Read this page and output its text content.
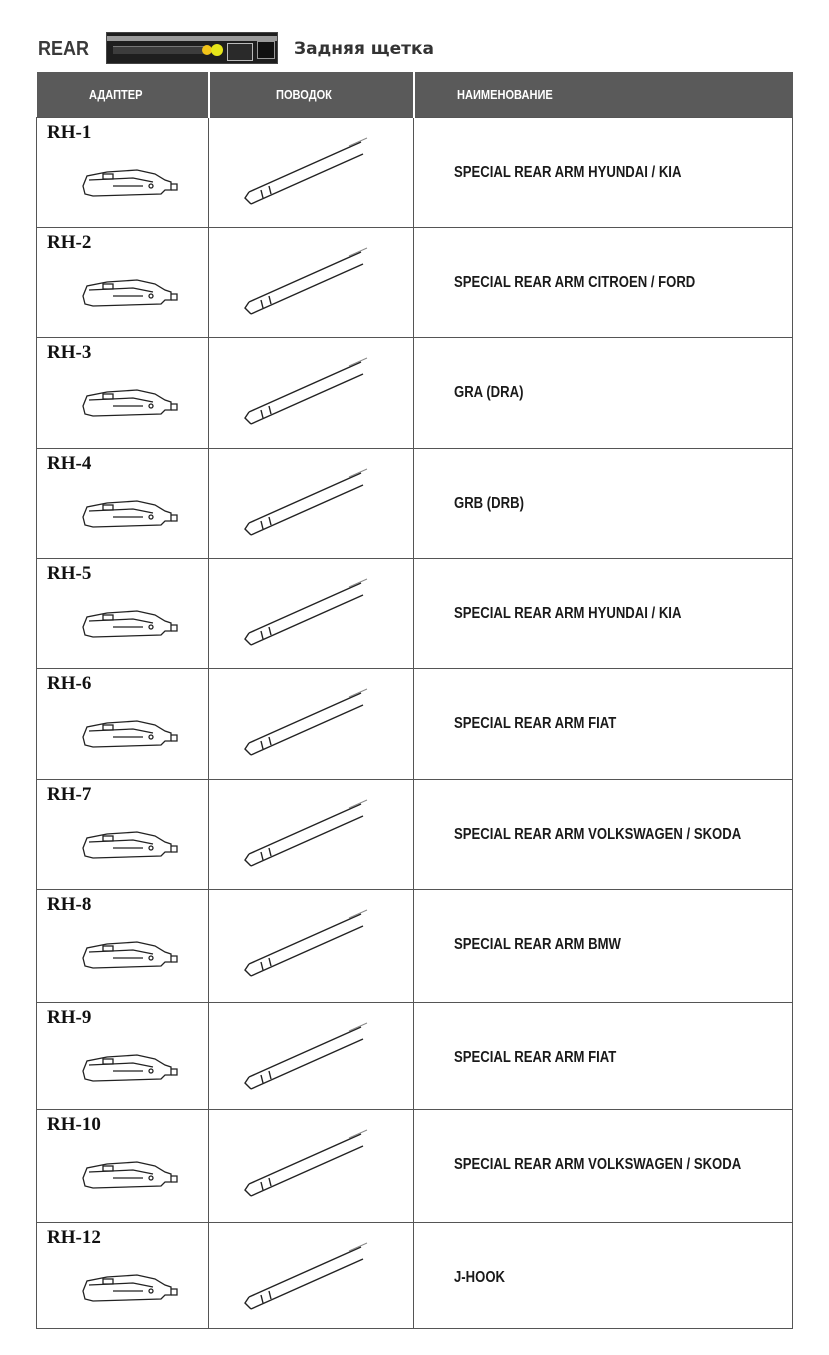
REAR	Задняя щетка
АДАПТЕР	ПОВОДОК	НАИМЕНОВАНИЕ

RH-1		SPECIAL REAR ARM HYUNDAI / KIA

RH-2		SPECIAL REAR ARM CITROEN / FORD

RH-3		GRA (DRA)

RH-4		GRB (DRB)

RH-5		SPECIAL REAR ARM HYUNDAI / KIA

RH-6		SPECIAL REAR ARM FIAT

RH-7		SPECIAL REAR ARM VOLKSWAGEN / SKODA

RH-8		SPECIAL REAR ARM BMW

RH-9		SPECIAL REAR ARM FIAT

RH-10		SPECIAL REAR ARM VOLKSWAGEN / SKODA

RH-12		J-HOOK
